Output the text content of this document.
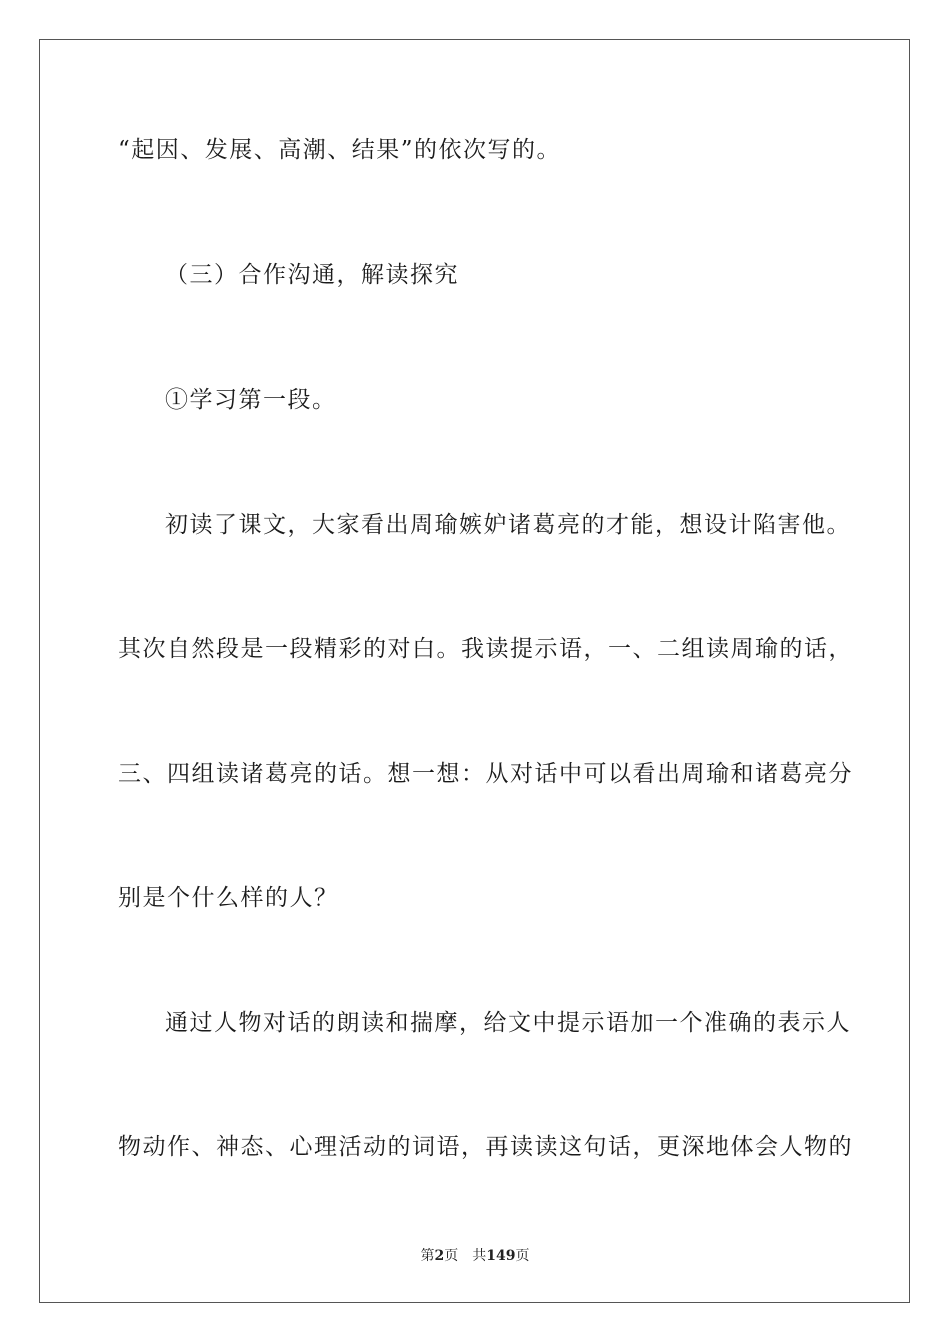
“起因、发展、高潮、结果”的依次写的。
（三）合作沟通，解读探究
①学习第一段。
初读了课文，大家看出周瑜嫉妒诸葛亮的才能，想设计陷害他。
其次自然段是一段精彩的对白。我读提示语，一、二组读周瑜的话，
三、四组读诸葛亮的话。想一想：从对话中可以看出周瑜和诸葛亮分
别是个什么样的人？
通过人物对话的朗读和揣摩，给文中提示语加一个准确的表示人
物动作、神态、心理活动的词语，再读读这句话，更深地体会人物的
第2页 共149页
